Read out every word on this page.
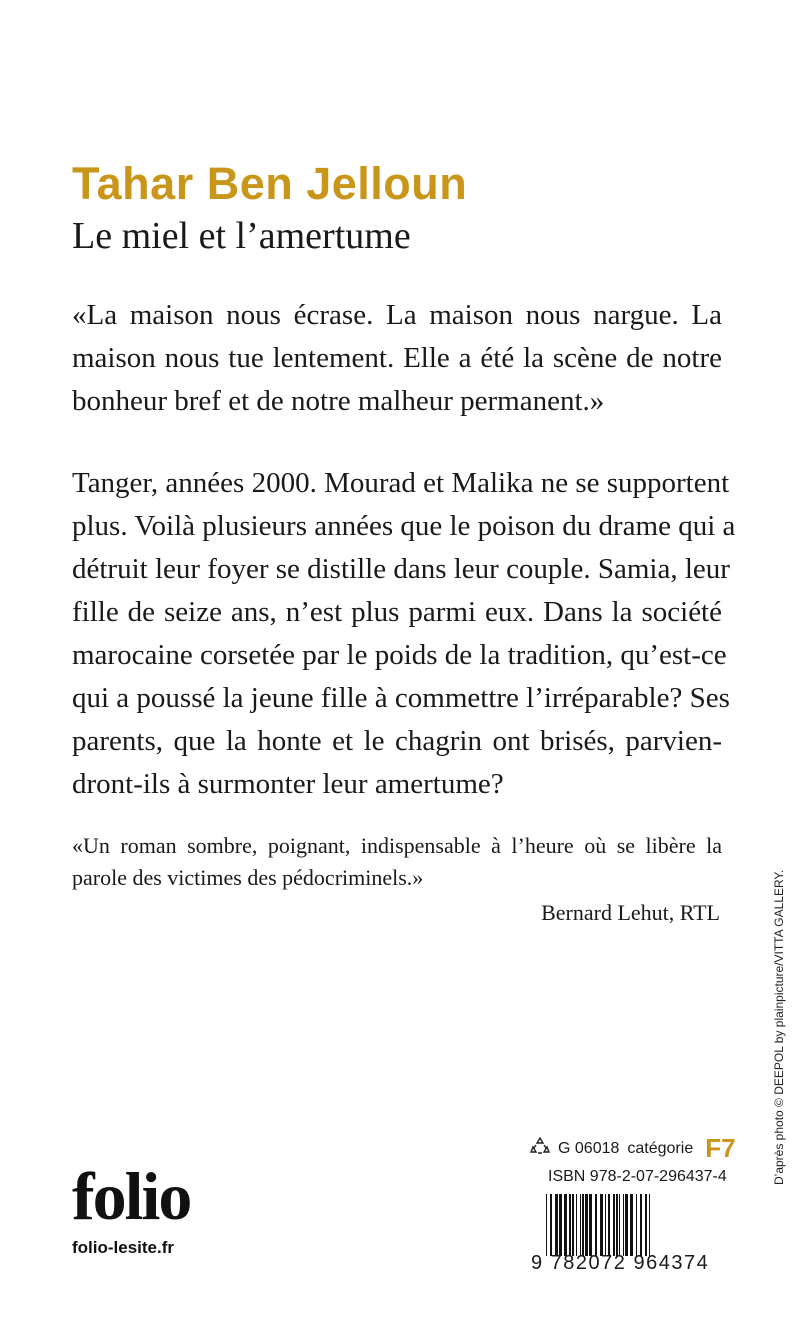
Tahar Ben Jelloun
Le miel et l’amertume
«La maison nous écrase. La maison nous nargue. La
maison nous tue lentement. Elle a été la scène de notre
bonheur bref et de notre malheur permanent.»
Tanger, années 2000. Mourad et Malika ne se supportent
plus. Voilà plusieurs années que le poison du drame qui a
détruit leur foyer se distille dans leur couple. Samia, leur
fille de seize ans, n’est plus parmi eux. Dans la société
marocaine corsetée par le poids de la tradition, qu’est-ce
qui a poussé la jeune fille à commettre l’irréparable? Ses
parents, que la honte et le chagrin ont brisés, parvien-
dront-ils à surmonter leur amertume?
«Un roman sombre, poignant, indispensable à l’heure où se libère la
parole des victimes des pédocriminels.»
Bernard Lehut, RTL	D’après photo © DEEPOL by plainpicture/VITTA GALLERY.
folio
folio-lesite.fr
G 06018 catégorie F7
ISBN 978-2-07-296437-4
9 782072 964374
